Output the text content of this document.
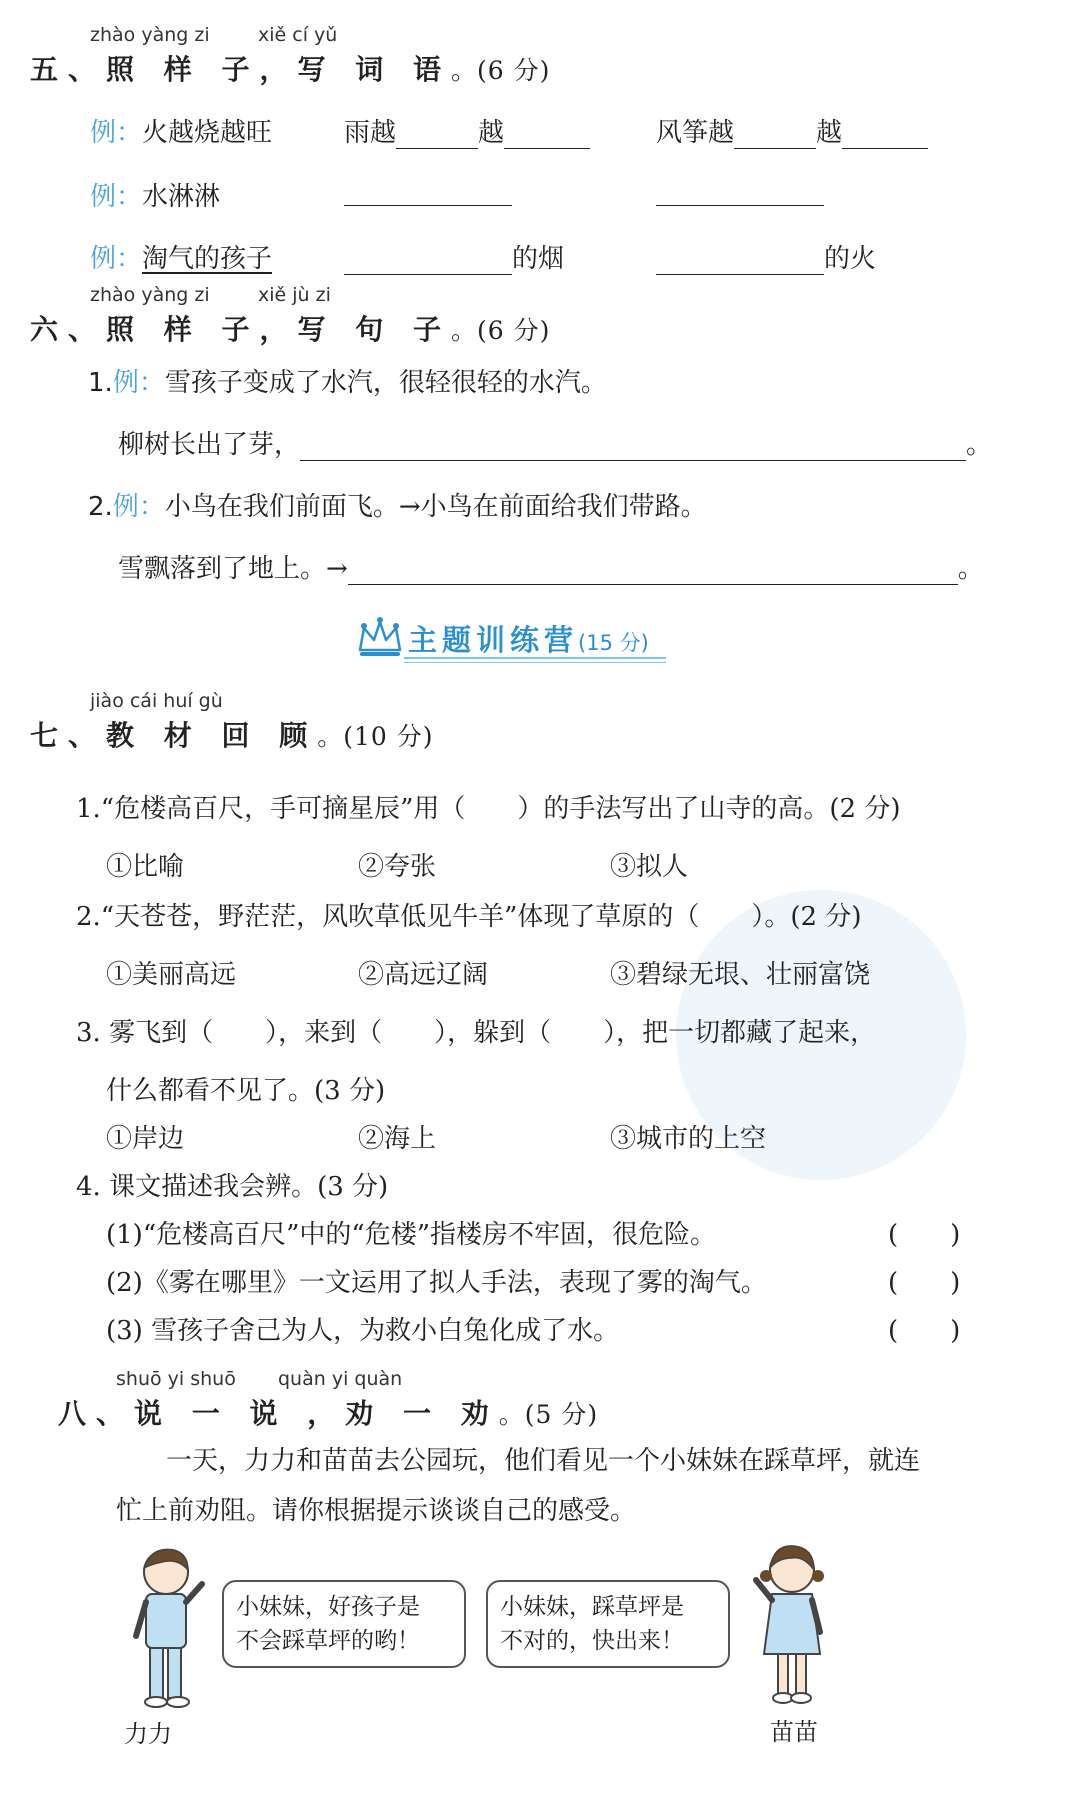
zhào yàng zi	xiě cí yǔ
五、照 样 子，写 词 语。(6 分)
例：火越烧越旺	雨越	越	风筝越	越
例：水淋淋
例：淘气的孩子	的烟	的火
zhào yàng zi	xiě jù zi
六、照 样 子，写 句 子。(6 分)
1.例：雪孩子变成了水汽，很轻很轻的水汽。
柳树长出了芽，	。
2.例：小鸟在我们前面飞。→小鸟在前面给我们带路。
雪飘落到了地上。→	。
主题训练营(15 分)
jiào cái huí gù
七、教 材 回 顾。(10 分)
1.“危楼高百尺，手可摘星辰”用（　　）的手法写出了山寺的高。(2 分)
①比喻	②夸张	③拟人
2.“天苍苍，野茫茫，风吹草低见牛羊”体现了草原的（　　）。(2 分)
①美丽高远	②高远辽阔	③碧绿无垠、壮丽富饶
3. 雾飞到（　　），来到（　　），躲到（　　），把一切都藏了起来，
什么都看不见了。(3 分)
①岸边	②海上	③城市的上空
4. 课文描述我会辨。(3 分)
(1)“危楼高百尺”中的“危楼”指楼房不牢固，很危险。	(　　)
(2)《雾在哪里》一文运用了拟人手法，表现了雾的淘气。	(　　)
(3) 雪孩子舍己为人，为救小白兔化成了水。	(　　)
shuō yi shuō quàn yi quàn
八、说 一 说 ，劝 一 劝。(5 分)
一天，力力和苗苗去公园玩，他们看见一个小妹妹在踩草坪，就连
忙上前劝阻。请你根据提示谈谈自己的感受。
力力
小妹妹，好孩子是
不会踩草坪的哟！
小妹妹，踩草坪是
不对的，快出来！
苗苗
